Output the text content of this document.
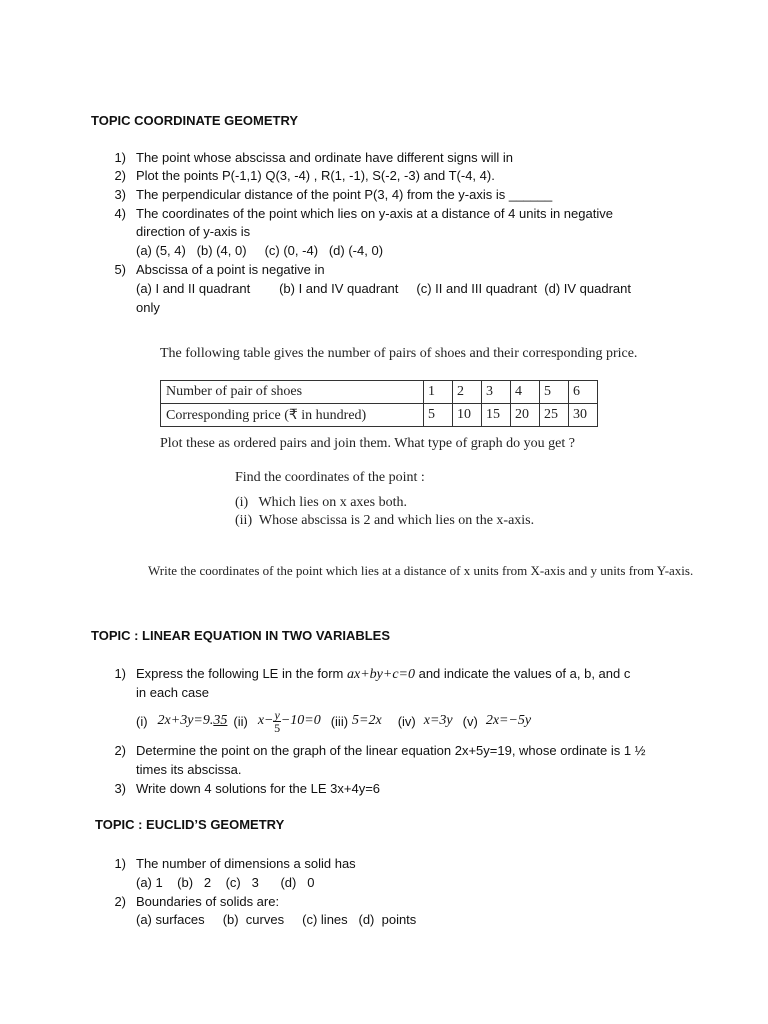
TOPIC COORDINATE GEOMETRY
1) The point whose abscissa and ordinate have different signs will in
2) Plot the points P(-1,1) Q(3, -4) , R(1, -1), S(-2, -3) and T(-4, 4).
3) The perpendicular distance of the point P(3, 4) from the y-axis is ______
4) The coordinates of the point which lies on y-axis at a distance of 4 units in negative
direction of y-axis is
(a) (5, 4)   (b) (4, 0)     (c) (0, -4)   (d) (-4, 0)
5) Abscissa of a point is negative in
(a) I and II quadrant        (b) I and IV quadrant     (c) II and III quadrant  (d) IV quadrant
only
The following table gives the number of pairs of shoes and their corresponding price.
Number of pair of shoes	1	2	3	4	5	6
Corresponding price (₹ in hundred)	5	10	15	20	25	30
Plot these as ordered pairs and join them. What type of graph do you get ?
Find the coordinates of the point :
(i)   Which lies on x axes both.
(ii)  Whose abscissa is 2 and which lies on the x-axis.
Write the coordinates of the point which lies at a distance of x units from X-axis and y units from Y-axis.
TOPIC : LINEAR EQUATION IN TWO VARIABLES
1) Express the following LE in the form ax+by+c=0 and indicate the values of a, b, and c
in each case
(i) 2x+3y=9. 35 (ii) $x- \frac{y}{5} -10=0$ (iii) 5=2x (iv) x=3y (v) 2x=−5y
2) Determine the point on the graph of the linear equation 2x+5y=19, whose ordinate is 1 ½
times its abscissa.
3) Write down 4 solutions for the LE 3x+4y=6
TOPIC : EUCLID’S GEOMETRY
1) The number of dimensions a solid has
(a) 1    (b)   2    (c)   3      (d)   0
2) Boundaries of solids are:
(a) surfaces     (b)  curves     (c) lines   (d)  points
